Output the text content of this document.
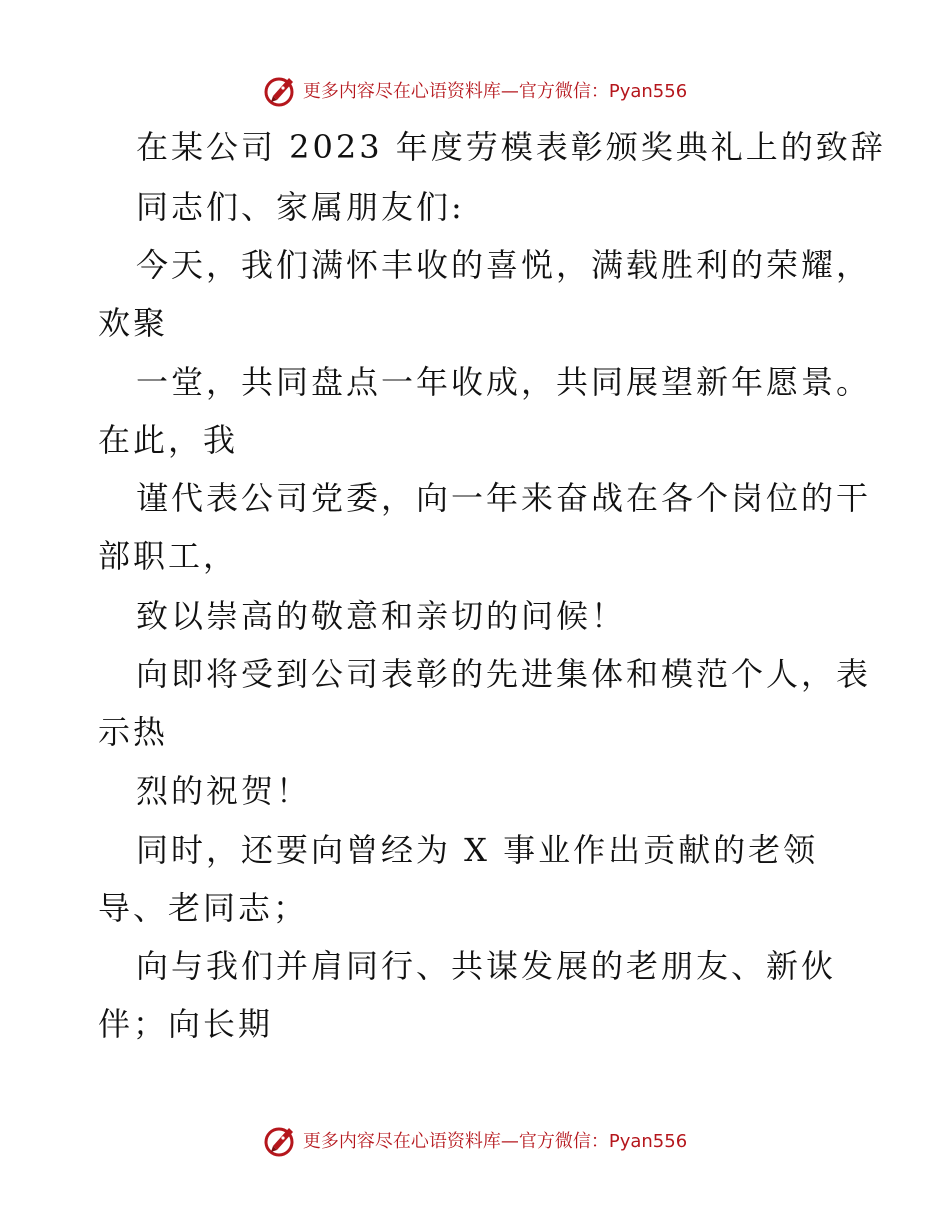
更多内容尽在心语资料库—官方微信：Pyan556
在某公司 2023 年度劳模表彰颁奖典礼上的致辞
同志们、家属朋友们:
今天，我们满怀丰收的喜悦，满载胜利的荣耀，
欢聚
一堂，共同盘点一年收成，共同展望新年愿景。
在此，我
谨代表公司党委，向一年来奋战在各个岗位的干
部职工，
致以崇高的敬意和亲切的问候！
向即将受到公司表彰的先进集体和模范个人，表
示热
烈的祝贺！
同时，还要向曾经为 X 事业作出贡献的老领
导、老同志；
向与我们并肩同行、共谋发展的老朋友、新伙
伴；向长期
更多内容尽在心语资料库—官方微信：Pyan556
